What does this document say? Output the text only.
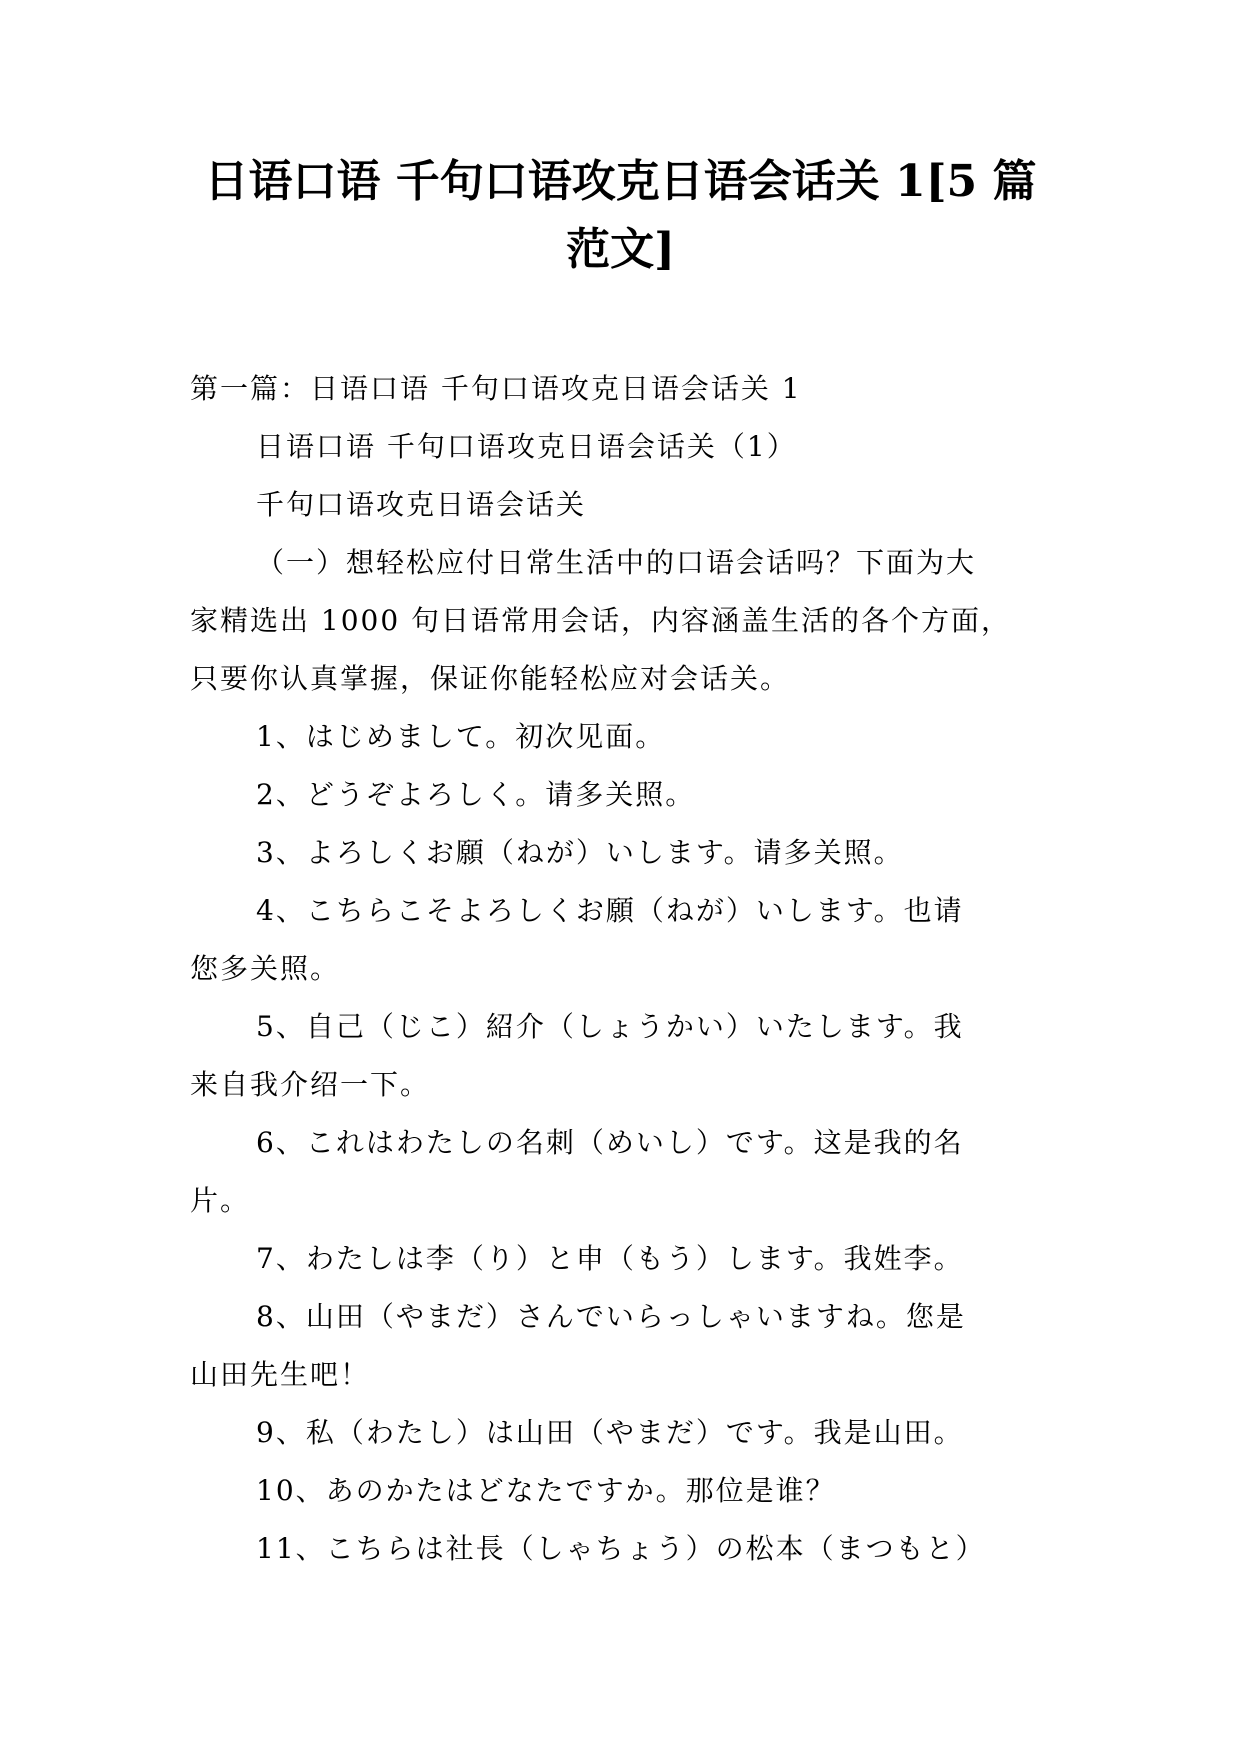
日语口语 千句口语攻克日语会话关 1[5 篇
范文]
第一篇：日语口语 千句口语攻克日语会话关 1
日语口语 千句口语攻克日语会话关（1）
千句口语攻克日语会话关
（一）想轻松应付日常生活中的口语会话吗？下面为大
家精选出 1000 句日语常用会话，内容涵盖生活的各个方面，
只要你认真掌握，保证你能轻松应对会话关。
1、はじめまして。初次见面。
2、どうぞよろしく。请多关照。
3、よろしくお願（ねが）いします。请多关照。
4、こちらこそよろしくお願（ねが）いします。也请
您多关照。
5、自己（じこ）紹介（しょうかい）いたします。我
来自我介绍一下。
6、これはわたしの名刺（めいし）です。这是我的名
片。
7、わたしは李（り）と申（もう）します。我姓李。
8、山田（やまだ）さんでいらっしゃいますね。您是
山田先生吧！
9、私（わたし）は山田（やまだ）です。我是山田。
10、あのかたはどなたですか。那位是谁？
11、こちらは社長（しゃちょう）の松本（まつもと）
